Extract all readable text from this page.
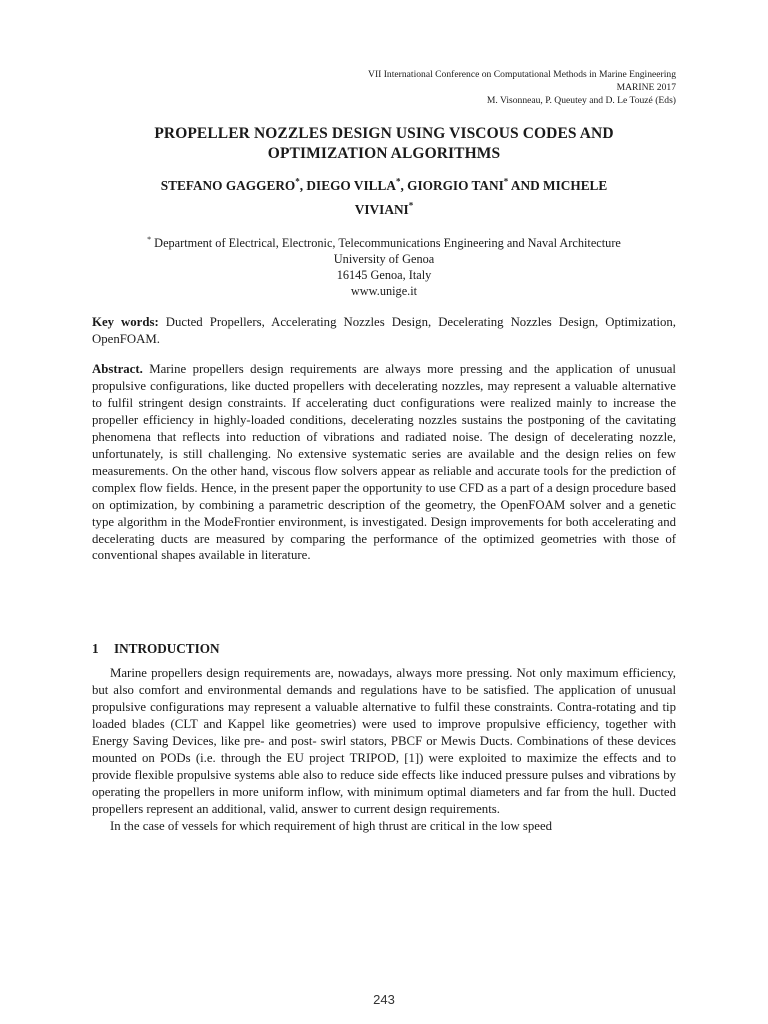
VII International Conference on Computational Methods in Marine Engineering
MARINE 2017
M. Visonneau, P. Queutey and D. Le Touzé (Eds)
PROPELLER NOZZLES DESIGN USING VISCOUS CODES AND
OPTIMIZATION ALGORITHMS
STEFANO GAGGERO*, DIEGO VILLA*, GIORGIO TANI* AND MICHELE
VIVIANI*
* Department of Electrical, Electronic, Telecommunications Engineering and Naval Architecture
University of Genoa
16145 Genoa, Italy
www.unige.it
Key words: Ducted Propellers, Accelerating Nozzles Design, Decelerating Nozzles Design, Optimization, OpenFOAM.
Abstract. Marine propellers design requirements are always more pressing and the application of unusual propulsive configurations, like ducted propellers with decelerating nozzles, may represent a valuable alternative to fulfil stringent design constraints. If accelerating duct configurations were realized mainly to increase the propeller efficiency in highly-loaded conditions, decelerating nozzles sustains the postponing of the cavitating phenomena that reflects into reduction of vibrations and radiated noise. The design of decelerating nozzle, unfortunately, is still challenging. No extensive systematic series are available and the design relies on few measurements. On the other hand, viscous flow solvers appear as reliable and accurate tools for the prediction of complex flow fields. Hence, in the present paper the opportunity to use CFD as a part of a design procedure based on optimization, by combining a parametric description of the geometry, the OpenFOAM solver and a genetic type algorithm in the ModeFrontier environment, is investigated. Design improvements for both accelerating and decelerating ducts are measured by comparing the performance of the optimized geometries with those of conventional shapes available in literature.
1 INTRODUCTION

Marine propellers design requirements are, nowadays, always more pressing. Not only maximum efficiency, but also comfort and environmental demands and regulations have to be satisfied. The application of unusual propulsive configurations may represent a valuable alternative to fulfil these constraints. Contra-rotating and tip loaded blades (CLT and Kappel like geometries) were used to improve propulsive efficiency, together with Energy Saving Devices, like pre- and post- swirl stators, PBCF or Mewis Ducts. Combinations of these devices mounted on PODs (i.e. through the EU project TRIPOD, [1]) were exploited to maximize the effects and to provide flexible propulsive systems able also to reduce side effects like induced pressure pulses and vibrations by operating the propellers in more uniform inflow, with minimum optimal diameters and far from the hull. Ducted propellers represent an additional, valid, answer to current design requirements.

In the case of vessels for which requirement of high thrust are critical in the low speed

243
